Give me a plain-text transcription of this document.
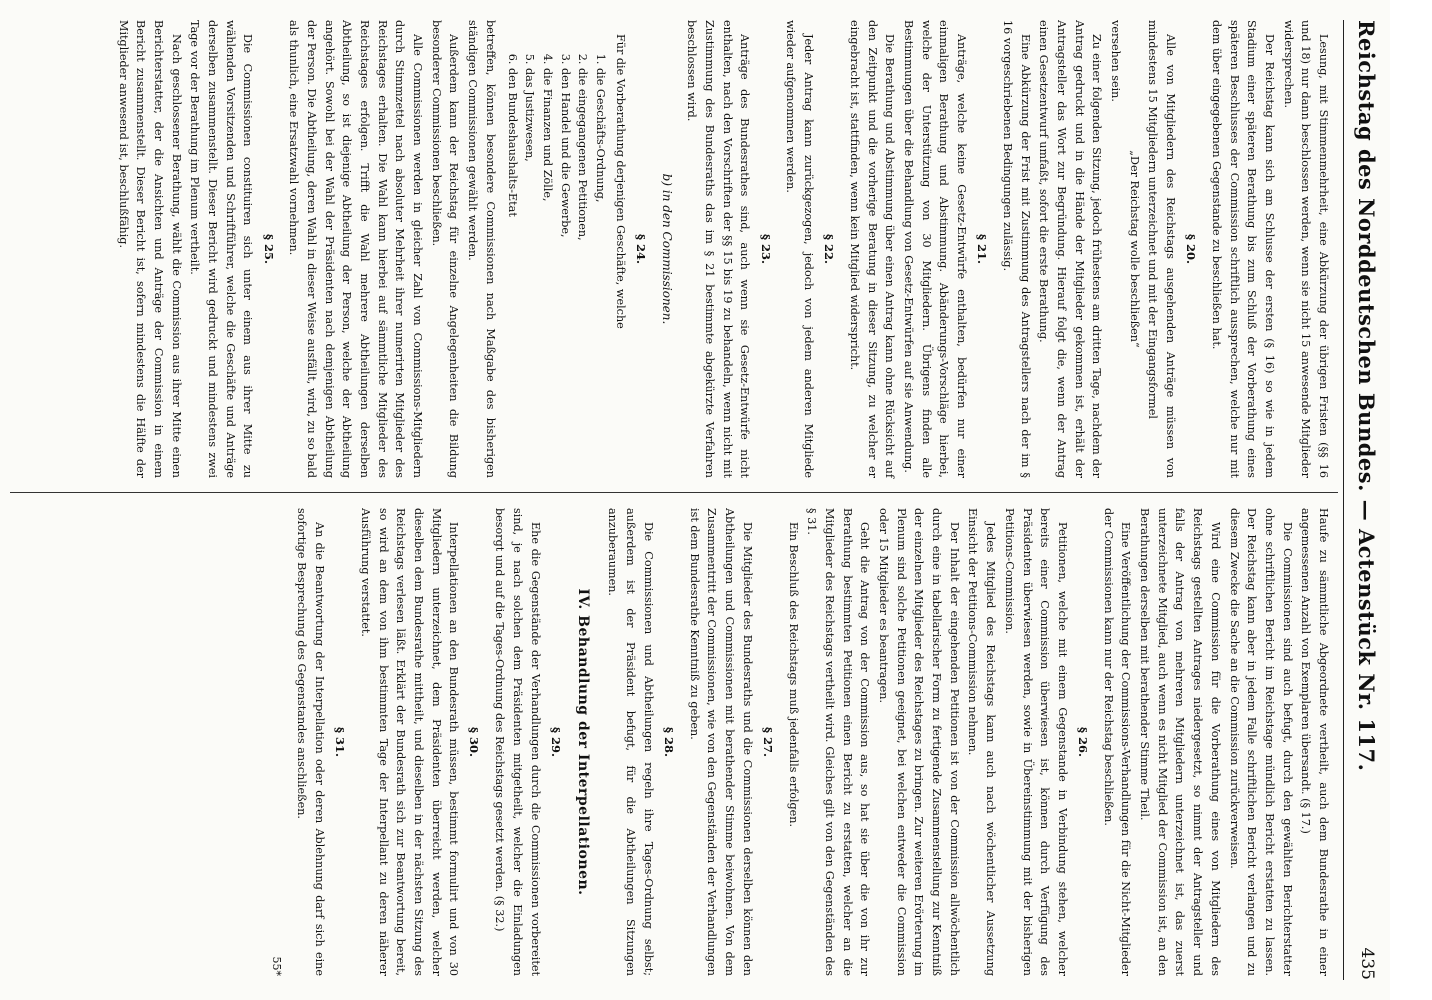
Reichstag des Norddeutschen Bundes. — Actenstück Nr. 117.
435

Lesung, mit Stimmenmehrheit, eine Abkürzung der übrigen Fristen (§§ 16 und 18) nur dann beschlossen werden, wenn sie nicht 15 anwesende Mitglieder widersprechen.

Der Reichstag kann sich am Schlusse der ersten (§ 16) so wie in jedem Stadium einer späteren Berathung bis zum Schluß der Vorberathung eines späteren Beschlusses der Commission schriftlich aussprechen, welche nur mit dem über eingegebenen Gegenstande zu beschließen hat.

§ 20.

Alle von Mitgliedern des Reichstags ausgehenden Anträge müssen von mindestens 15 Mitgliedern unterzeichnet und mit der Eingangsformel

„Der Reichstag wolle beschließen“

versehen sein.

Zu einer folgenden Sitzung, jedoch frühestens am dritten Tage, nachdem der Antrag gedruckt und in die Hände der Mitglieder gekommen ist, erhält der Antragsteller das Wort zur Begründung. Hierauf folgt die, wenn der Antrag einen Gesetzentwurf umfaßt, sofort die erste Berathung.

Eine Abkürzung der Frist mit Zustimmung des Antragstellers nach der im § 16 vorgeschriebenen Bedingungen zulässig.

§ 21.

Anträge, welche keine Gesetz-Entwürfe enthalten, bedürfen nur einer einmaligen Berathung und Abstimmung. Abänderungs-Vorschläge hierbei, welche der Unterstützung von 30 Mitgliedern. Übrigens finden alle Bestimmungen über die Behandlung von Gesetz-Entwürfen auf sie Anwendung.

Die Berathung und Abstimmung über einen Antrag kann ohne Rücksicht auf den Zeitpunkt und die vorherige Beratung in dieser Sitzung, zu welcher er eingebracht ist, stattfinden, wenn kein Mitglied widerspricht.

§ 22.

Jeder Antrag kann zurückgezogen, jedoch von jedem anderen Mitgliede wieder aufgenommen werden.

§ 23.

Anträge des Bundesrathes sind, auch wenn sie Gesetz-Entwürfe nicht enthalten, nach den Vorschriften der §§ 15 bis 19 zu behandeln, wenn nicht mit Zustimmung des Bundesraths das im § 21 bestimmte abgekürzte Verfahren beschlossen wird.

b) in den Commissionen.
§ 24.

Für die Vorberathung derjenigen Geschäfte, welche

1. die Geschäfts-Ordnung,
2. die eingegangenen Petitionen,
3. den Handel und die Gewerbe,
4. die Finanzen und Zölle,
5. das Justizwesen,
6. den Bundeshaushalts-Etat

betreffen, können besondere Commissionen nach Maßgabe des bisherigen ständigen Commissionen gewählt werden.

Außerdem kann der Reichstag für einzelne Angelegenheiten die Bildung besonderer Commissionen beschließen.

Alle Commissionen werden in gleicher Zahl von Commissions-Mitgliedern durch Stimmzettel nach absoluter Mehrheit ihrer numerirten Mitglieder des Reichstages erhalten. Die Wahl kann hierbei auf sämmtliche Mitglieder des Reichstages erfolgen. Trifft die Wahl mehrere Abtheilungen derselben Abtheilung, so ist diejenige Abtheilung der Person, welche der Abtheilung angehört. Sowohl bei der Wahl der Präsidenten nach demjenigen Abtheilung der Person. Die Abtheilung, deren Wahl in dieser Weise ausfällt, wird, zu so bald als thunlich, eine Ersatzwahl vornehmen.

§ 25.

Die Commissionen constituiren sich unter einem aus ihrer Mitte zu wählenden Vorsitzenden und Schriftführer, welche die Geschäfte und Anträge derselben zusammenstellt. Dieser Bericht wird gedruckt und mindestens zwei Tage vor der Berathung im Plenum vertheilt.

Nach geschlossener Berathung, wählt die Commission aus ihrer Mitte einen Berichterstatter, der die Ansichten und Anträge der Commission in einem Bericht zusammenstellt. Dieser Bericht ist, sofern mindestens die Hälfte der Mitglieder anwesend ist, beschlußfähig.

Haufe zu sämmtliche Abgeordnete vertheilt, auch dem Bundesrathe in einer angemessenen Anzahl von Exemplaren übersandt. (§ 17.)

Die Commissionen sind auch befugt, durch den gewählten Berichterstatter ohne schriftlichen Bericht im Reichstage mündlich Bericht erstatten zu lassen. Der Reichstag kann aber in jedem Falle schriftlichen Bericht verlangen und zu diesem Zwecke die Sache an die Commission zurückverweisen.

Wird eine Commission für die Vorberathung eines von Mitgliedern des Reichstags gestellten Antrages niedergesetzt, so nimmt der Antragsteller und falls der Antrag von mehreren Mitgliedern unterzeichnet ist, das zuerst unterzeichnete Mitglied, auch wenn es nicht Mitglied der Commission ist, an den Berathungen derselben mit berathender Stimme Theil.

Eine Veröffentlichung der Commissions-Verhandlungen für die Nicht-Mitglieder der Commissionen kann nur der Reichstag beschließen.

§ 26.

Petitionen, welche mit einem Gegenstande in Verbindung stehen, welcher bereits einer Commission überwiesen ist, können durch Verfügung des Präsidenten überwiesen werden, sowie in Übereinstimmung mit der bisherigen Petitions-Commission.

Jedes Mitglied des Reichstags kann auch nach wöchentlicher Aussetzung Einsicht der Petitions-Commission nehmen.

Der Inhalt der eingehenden Petitionen ist von der Commission allwöchentlich durch eine in tabellarischer Form zu fertigende Zusammenstellung zur Kenntniß der einzelnen Mitglieder des Reichstages zu bringen. Zur weiteren Erörterung im Plenum sind solche Petitionen geeignet, bei welchen entweder die Commission oder 15 Mitglieder es beantragen.

Geht die Antrag von der Commission aus, so hat sie über die von ihr zur Berathung bestimmten Petitionen einen Bericht zu erstatten, welcher an die Mitglieder des Reichstags vertheilt wird. Gleiches gilt von den Gegenständen des § 31.

Ein Beschluß des Reichstags muß jedenfalls erfolgen.

§ 27.

Die Mitglieder des Bundesraths und die Commissionen derselben können den Abtheilungen und Commissionen mit berathender Stimme beiwohnen. Von dem Zusammentritt der Commissionen, wie von den Gegenständen der Verhandlungen ist dem Bundesrathe Kenntniß zu geben.

§ 28.

Die Commissionen und Abtheilungen regeln ihre Tages-Ordnung selbst; außerdem ist der Präsident befugt, für die Abtheilungen Sitzungen anzuberaumen.

IV. Behandlung der Interpellationen.
§ 29.

Ehe die Gegenstände der Verhandlungen durch die Commissionen vorbereitet sind, je nach solchen dem Präsidenten mitgetheilt, welcher die Einladungen besorgt und auf die Tages-Ordnung des Reichstags gesetzt werden. (§ 32.)

§ 30.

Interpellationen an den Bundesrath müssen, bestimmt formulirt und von 30 Mitgliedern unterzeichnet, dem Präsidenten überreicht werden, welcher dieselben dem Bundesrathe mittheilt, und dieselben in der nächsten Sitzung des Reichstags verlesen läßt. Erklärt der Bundesrath sich zur Beantwortung bereit, so wird an dem von ihm bestimmten Tage der Interpellant zu deren näherer Ausführung verstattet.

§ 31.

An die Beantwortung der Interpellation oder deren Ablehnung darf sich eine sofortige Besprechung des Gegenstandes anschließen.

55*
